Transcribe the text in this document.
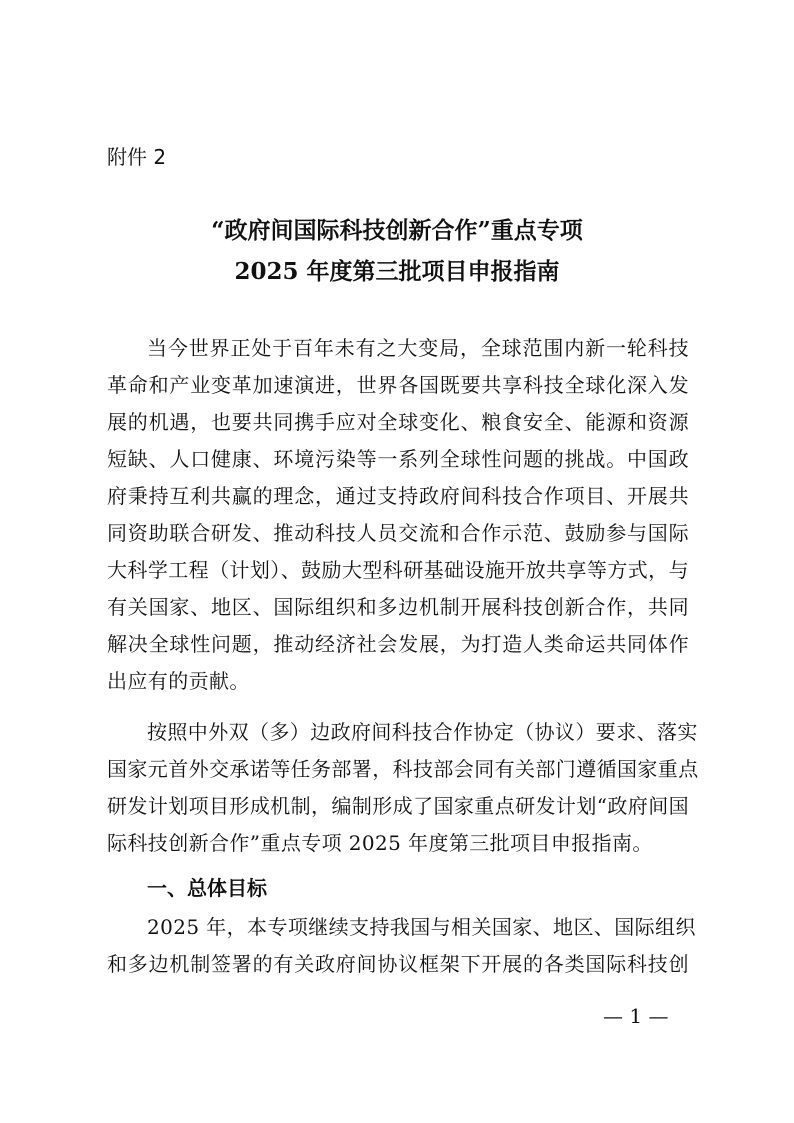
附件 2
“政府间国际科技创新合作”重点专项
2025 年度第三批项目申报指南
当今世界正处于百年未有之大变局，全球范围内新一轮科技
革命和产业变革加速演进，世界各国既要共享科技全球化深入发
展的机遇，也要共同携手应对全球变化、粮食安全、能源和资源
短缺、人口健康、环境污染等一系列全球性问题的挑战。中国政
府秉持互利共赢的理念，通过支持政府间科技合作项目、开展共
同资助联合研发、推动科技人员交流和合作示范、鼓励参与国际
大科学工程（计划）、鼓励大型科研基础设施开放共享等方式，与
有关国家、地区、国际组织和多边机制开展科技创新合作，共同
解决全球性问题，推动经济社会发展，为打造人类命运共同体作
出应有的贡献。
按照中外双（多）边政府间科技合作协定（协议）要求、落实
国家元首外交承诺等任务部署，科技部会同有关部门遵循国家重点
研发计划项目形成机制，编制形成了国家重点研发计划“政府间国
际科技创新合作”重点专项 2025 年度第三批项目申报指南。
一、总体目标
2025 年，本专项继续支持我国与相关国家、地区、国际组织
和多边机制签署的有关政府间协议框架下开展的各类国际科技创
— 1 —
